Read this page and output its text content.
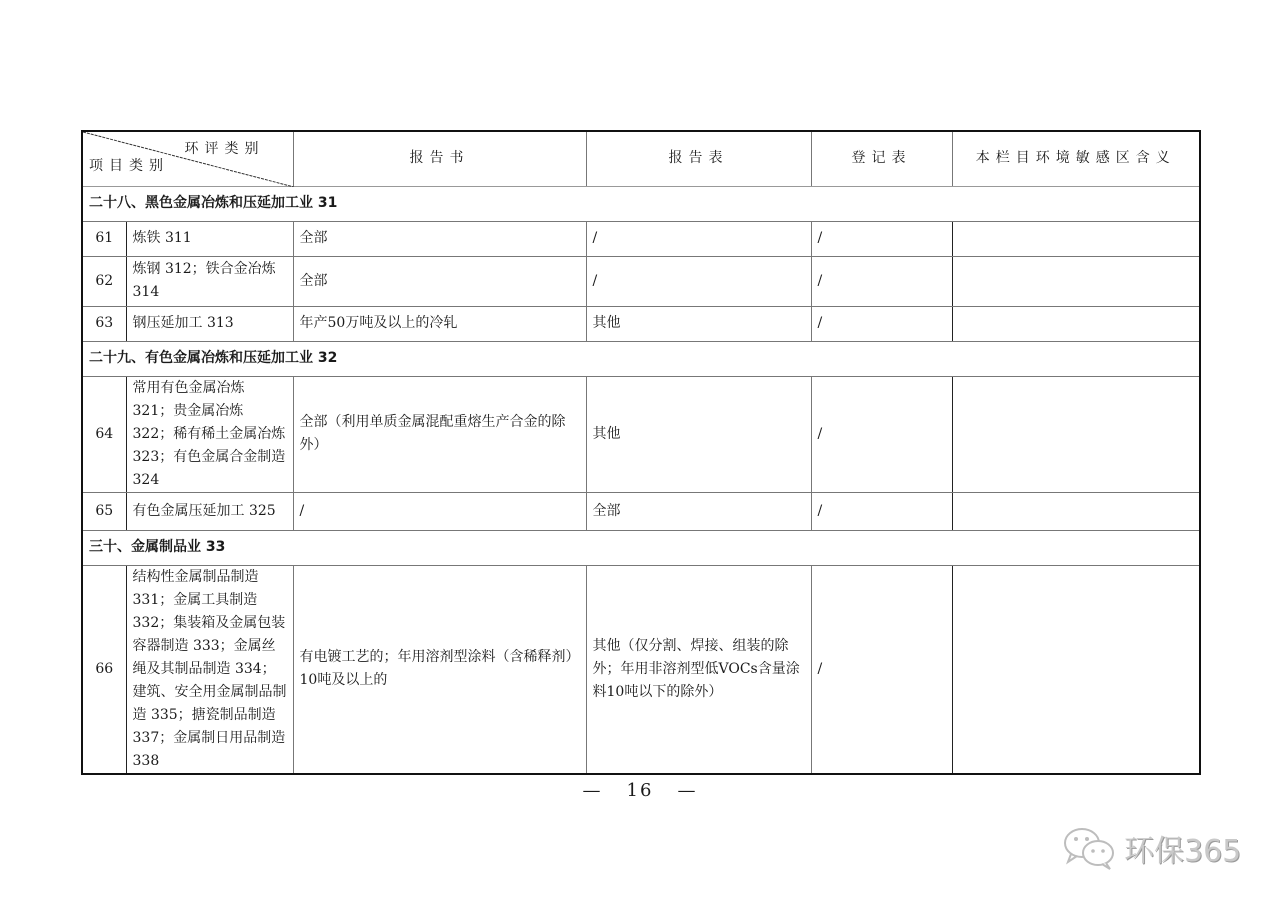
环评类别
项目类别		报告书	报告表	登记表	本栏目环境敏感区含义
二十八、黑色金属冶炼和压延加工业 31					
61	炼铁 311	全部	/	/	
62	炼钢 312；铁合金冶炼 314	全部	/	/	
63	钢压延加工 313	年产50万吨及以上的冷轧	其他	/	
二十九、有色金属冶炼和压延加工业 32					
64	常用有色金属冶炼 321；贵金属冶炼 322；稀有稀土金属冶炼 323；有色金属合金制造 324	全部（利用单质金属混配重熔生产合金的除外）	其他	/	
65	有色金属压延加工 325	/	全部	/	
三十、金属制品业 33					
66	结构性金属制品制造 331；金属工具制造 332；集装箱及金属包装容器制造 333；金属丝绳及其制品制造 334；建筑、安全用金属制品制造 335；搪瓷制品制造 337；金属制日用品制造 338	有电镀工艺的；年用溶剂型涂料（含稀释剂）10吨及以上的	其他（仅分割、焊接、组装的除外；年用非溶剂型低VOCs含量涂料10吨以下的除外）	/	
— 16 —
环保365
